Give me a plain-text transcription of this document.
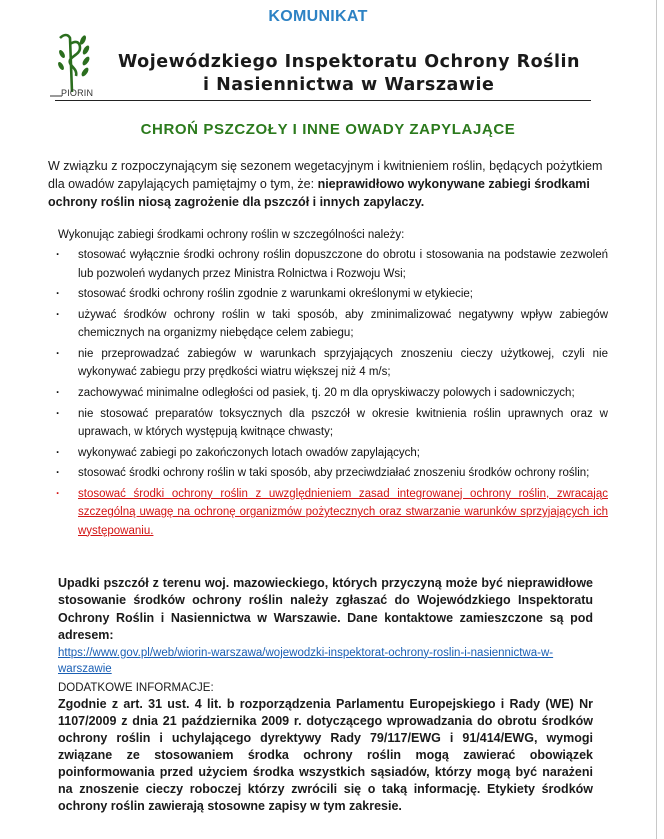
PIORIN
KOMUNIKAT
Wojewódzkiego Inspektoratu Ochrony Roślin
i Nasiennictwa w Warszawie
CHROŃ PSZCZOŁY I INNE OWADY ZAPYLAJĄCE

W związku z rozpoczynającym się sezonem wegetacyjnym i kwitnieniem roślin, będących pożytkiem dla owadów zapylających pamiętajmy o tym, że: nieprawidłowo wykonywane zabiegi środkami ochrony roślin niosą zagrożenie dla pszczół i innych zapylaczy.

Wykonując zabiegi środkami ochrony roślin w szczególności należy:
· stosować wyłącznie środki ochrony roślin dopuszczone do obrotu i stosowania na podstawie zezwoleń lub pozwoleń wydanych przez Ministra Rolnictwa i Rozwoju Wsi;
· stosować środki ochrony roślin zgodnie z warunkami określonymi w etykiecie;
· używać środków ochrony roślin w taki sposób, aby zminimalizować negatywny wpływ zabiegów chemicznych na organizmy niebędące celem zabiegu;
· nie przeprowadzać zabiegów w warunkach sprzyjających znoszeniu cieczy użytkowej, czyli nie wykonywać zabiegu przy prędkości wiatru większej niż 4 m/s;
· zachowywać minimalne odległości od pasiek, tj. 20 m dla opryskiwaczy polowych i sadowniczych;
· nie stosować preparatów toksycznych dla pszczół w okresie kwitnienia roślin uprawnych oraz w uprawach, w których występują kwitnące chwasty;
· wykonywać zabiegi po zakończonych lotach owadów zapylających;
· stosować środki ochrony roślin w taki sposób, aby przeciwdziałać znoszeniu środków ochrony roślin;
· stosować środki ochrony roślin z uwzględnieniem zasad integrowanej ochrony roślin, zwracając szczególną uwagę na ochronę organizmów pożytecznych oraz stwarzanie warunków sprzyjających ich występowaniu.
Upadki pszczół z terenu woj. mazowieckiego, których przyczyną może być nieprawidłowe stosowanie środków ochrony roślin należy zgłaszać do Wojewódzkiego Inspektoratu Ochrony Roślin i Nasiennictwa w Warszawie. Dane kontaktowe zamieszczone są pod adresem:
https://www.gov.pl/web/wiorin-warszawa/wojewodzki-inspektorat-ochrony-roslin-i-nasiennictwa-w-warszawie
DODATKOWE INFORMACJE:
Zgodnie z art. 31 ust. 4 lit. b rozporządzenia Parlamentu Europejskiego i Rady (WE) Nr 1107/2009 z dnia 21 października 2009 r. dotyczącego wprowadzania do obrotu środków ochrony roślin i uchylającego dyrektywy Rady 79/117/EWG i 91/414/EWG, wymogi związane ze stosowaniem środka ochrony roślin mogą zawierać obowiązek poinformowania przed użyciem środka wszystkich sąsiadów, którzy mogą być narażeni na znoszenie cieczy roboczej którzy zwrócili się o taką informację. Etykiety środków ochrony roślin zawierają stosowne zapisy w tym zakresie.
